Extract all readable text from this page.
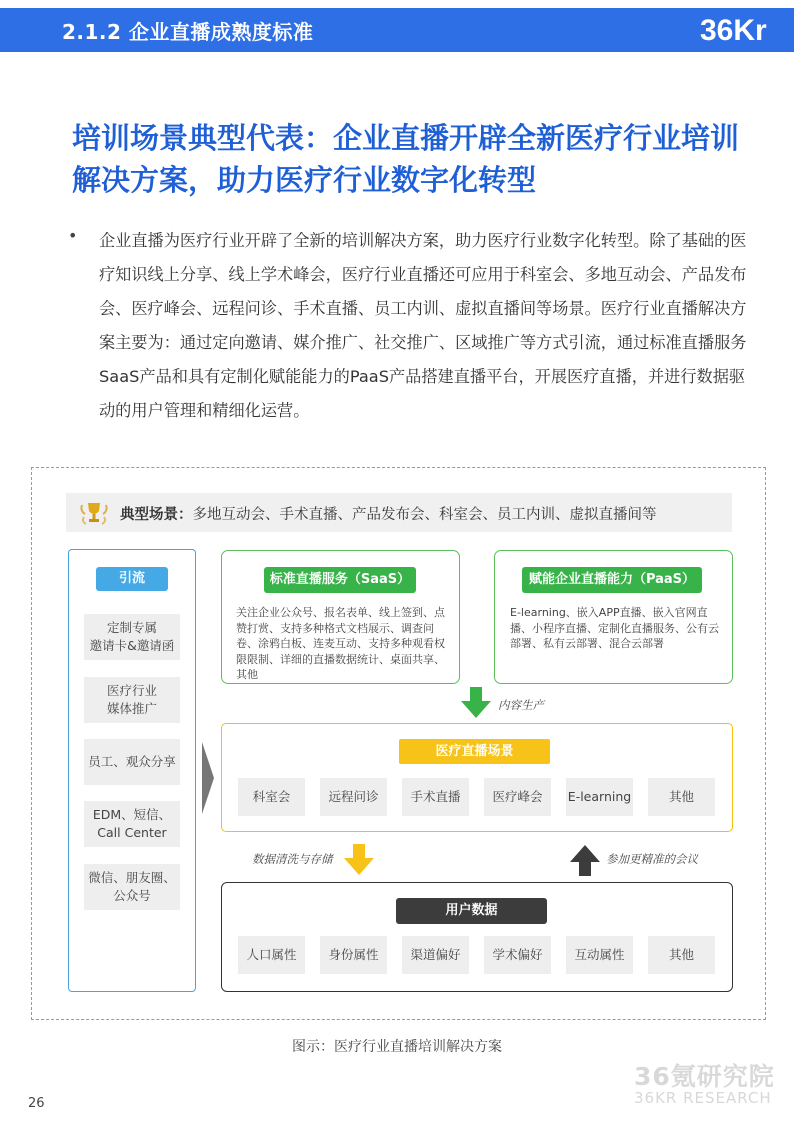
2.1.2 企业直播成熟度标准	36Kr
培训场景典型代表：企业直播开辟全新医疗行业培训解决方案，助力医疗行业数字化转型
• 企业直播为医疗行业开辟了全新的培训解决方案，助力医疗行业数字化转型。除了基础的医疗知识线上分享、线上学术峰会，医疗行业直播还可应用于科室会、多地互动会、产品发布会、医疗峰会、远程问诊、手术直播、员工内训、虚拟直播间等场景。医疗行业直播解决方案主要为：通过定向邀请、媒介推广、社交推广、区域推广等方式引流，通过标准直播服务SaaS产品和具有定制化赋能能力的PaaS产品搭建直播平台，开展医疗直播，并进行数据驱动的用户管理和精细化运营。
典型场景：多地互动会、手术直播、产品发布会、科室会、员工内训、虚拟直播间等
引流
定制专属
邀请卡&邀请函
医疗行业
媒体推广
员工、观众分享
EDM、短信、
Call Center
微信、朋友圈、
公众号
标准直播服务（SaaS）
关注企业公众号、报名表单、线上签到、点赞打赏、支持多种格式文档展示、调查问卷、涂鸦白板、连麦互动、支持多种观看权限限制、详细的直播数据统计、桌面共享、其他
赋能企业直播能力（PaaS）
E-learning、嵌入APP直播、嵌入官网直播、小程序直播、定制化直播服务、公有云部署、私有云部署、混合云部署
内容生产
医疗直播场景
科室会	远程问诊	手术直播	医疗峰会	E-learning	其他
数据清洗与存储	参加更精准的会议
用户数据
人口属性	身份属性	渠道偏好	学术偏好	互动属性	其他
图示：医疗行业直播培训解决方案
26
36氪研究院
36KR RESEARCH
